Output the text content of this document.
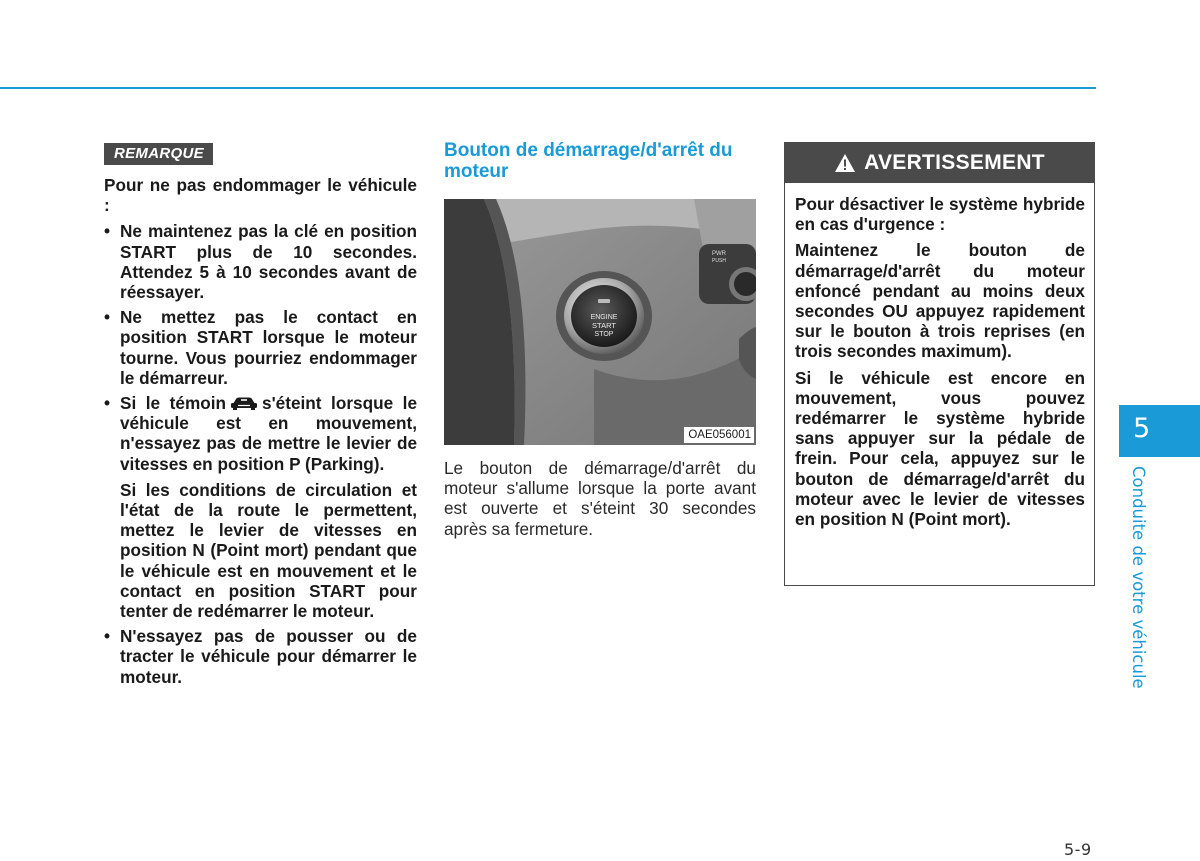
REMARQUE

Pour ne pas endommager le véhicule :

• Ne maintenez pas la clé en position START plus de 10 secondes. Attendez 5 à 10 secondes avant de réessayer.

• Ne mettez pas le contact en position START lorsque le moteur tourne. Vous pourriez endommager le démarreur.

• Si le témoin s'éteint lorsque le véhicule est en mouvement, n'essayez pas de mettre le levier de vitesses en position P (Parking).

Si les conditions de circulation et l'état de la route le permettent, mettez le levier de vitesses en position N (Point mort) pendant que le véhicule est en mouvement et le contact en position START pour tenter de redémarrer le moteur.

• N'essayez pas de pousser ou de tracter le véhicule pour démarrer le moteur.

Bouton de démarrage/d'arrêt du moteur
ENGINE
START
STOP
PWR
PUSH
OAE056001

Le bouton de démarrage/d'arrêt du moteur s'allume lorsque la porte avant est ouverte et s'éteint 30 secondes après sa fermeture.

AVERTISSEMENT

Pour désactiver le système hybride en cas d'urgence :

Maintenez le bouton de démarrage/d'arrêt du moteur enfoncé pendant au moins deux secondes OU appuyez rapidement sur le bouton à trois reprises (en trois secondes maximum).

Si le véhicule est encore en mouvement, vous pouvez redémarrer le système hybride sans appuyer sur la pédale de frein. Pour cela, appuyez sur le bouton de démarrage/d'arrêt du moteur avec le levier de vitesses en position N (Point mort).

5
Conduite de votre véhicule
5-9
